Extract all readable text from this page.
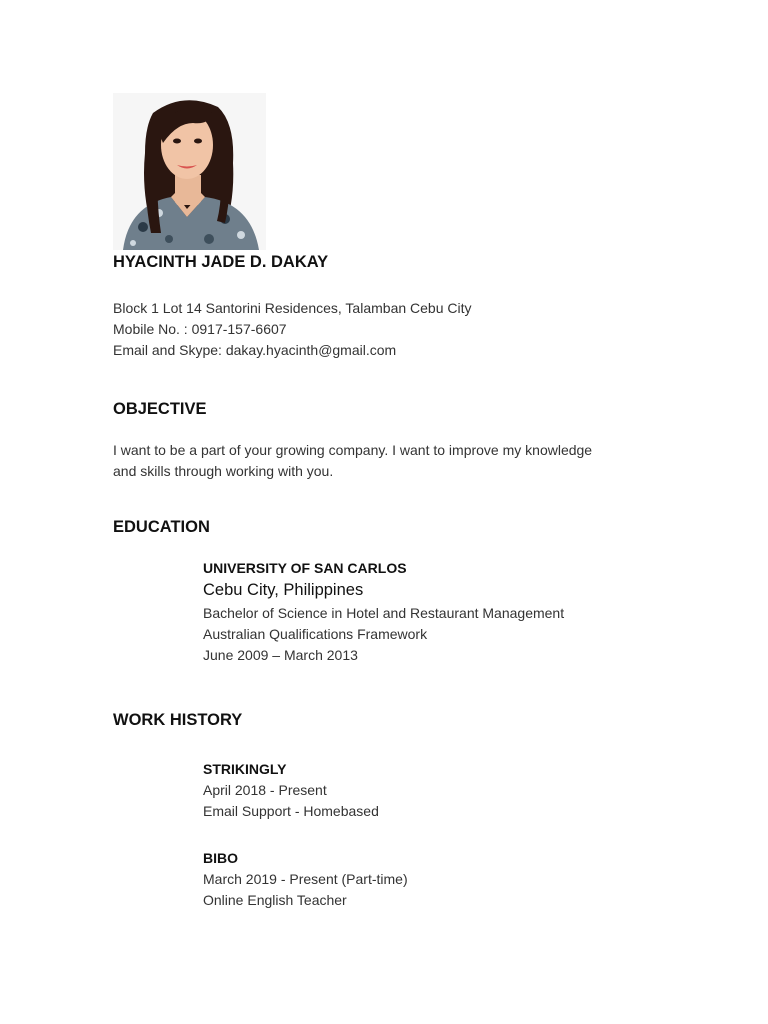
HYACINTH JADE D. DAKAY
Block 1 Lot 14 Santorini Residences, Talamban Cebu City
Mobile No. : 0917-157-6607
Email and Skype: dakay.hyacinth@gmail.com
OBJECTIVE
I want to be a part of your growing company. I want to improve my knowledge
and skills through working with you.
EDUCATION
UNIVERSITY OF SAN CARLOS
Cebu City, Philippines
Bachelor of Science in Hotel and Restaurant Management
Australian Qualifications Framework
June 2009 – March 2013
WORK HISTORY
STRIKINGLY
April 2018 - Present
Email Support - Homebased
BIBO
March 2019 - Present (Part-time)
Online English Teacher
